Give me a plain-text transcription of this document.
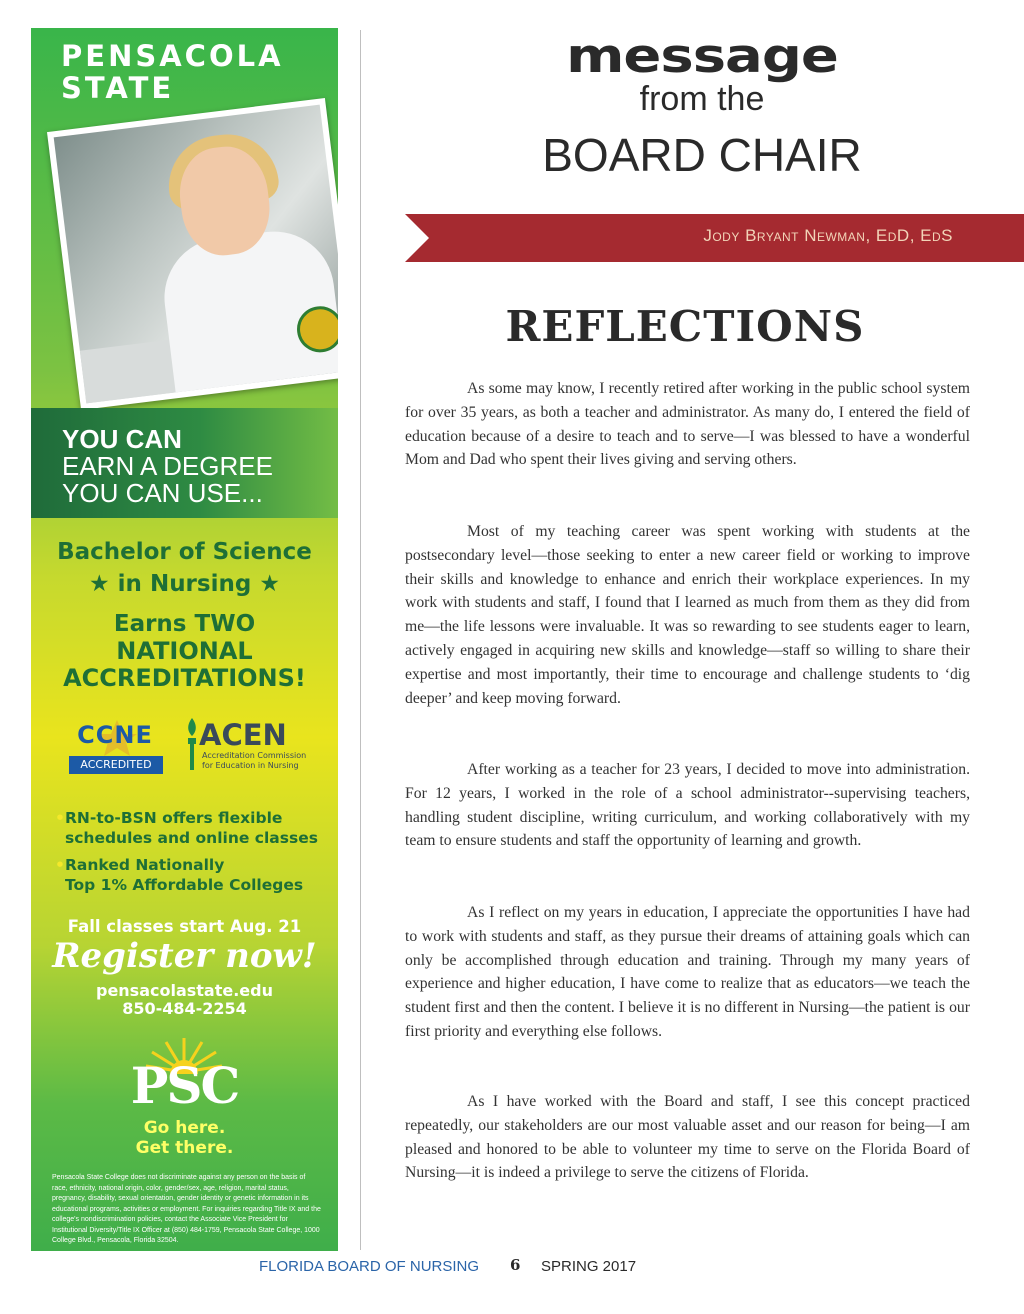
PENSACOLA
STATE
YOU CAN
EARN A DEGREE
YOU CAN USE...
Bachelor of Science
★ in Nursing ★
Earns TWO
NATIONAL
ACCREDITATIONS!
CCNE
ACCREDITED
ACEN
Accreditation Commission
for Education in Nursing
• RN-to-BSN offers flexible
schedules and online classes
• Ranked Nationally
Top 1% Affordable Colleges
Fall classes start Aug. 21
Register now!
pensacolastate.edu
850-484-2254
PSC
Go here.
Get there.
Pensacola State College does not discriminate against any person on the basis of race, ethnicity, national origin, color, gender/sex, age, religion, marital status, pregnancy, disability, sexual orientation, gender identity or genetic information in its educational programs, activities or employment. For inquiries regarding Title IX and the college's nondiscrimination policies, contact the Associate Vice President for Institutional Diversity/Title IX Officer at (850) 484-1759, Pensacola State College, 1000 College Blvd., Pensacola, Florida 32504.
message
from the
BOARD CHAIR
Jody Bryant Newman, EdD, EdS
REFLECTIONS

As some may know, I recently retired after working in the public school system for over 35 years, as both a teacher and administrator. As many do, I entered the field of education because of a desire to teach and to serve—I was blessed to have a wonderful Mom and Dad who spent their lives giving and serving others.

Most of my teaching career was spent working with students at the postsecondary level—those seeking to enter a new career field or working to improve their skills and knowledge to enhance and enrich their workplace experiences. In my work with students and staff, I found that I learned as much from them as they did from me—the life lessons were invaluable. It was so rewarding to see students eager to learn, actively engaged in acquiring new skills and knowledge—staff so willing to share their expertise and most importantly, their time to encourage and challenge students to ‘dig deeper’ and keep moving forward.

After working as a teacher for 23 years, I decided to move into administration. For 12 years, I worked in the role of a school administrator--supervising teachers, handling student discipline, writing curriculum, and working collaboratively with my team to ensure students and staff the opportunity of learning and growth.

As I reflect on my years in education, I appreciate the opportunities I have had to work with students and staff, as they pursue their dreams of attaining goals which can only be accomplished through education and training. Through my many years of experience and higher education, I have come to realize that as educators—we teach the student first and then the content. I believe it is no different in Nursing—the patient is our first priority and everything else follows.

As I have worked with the Board and staff, I see this concept practiced repeatedly, our stakeholders are our most valuable asset and our reason for being—I am pleased and honored to be able to volunteer my time to serve on the Florida Board of Nursing—it is indeed a privilege to serve the citizens of Florida.

FLORIDA BOARD OF NURSING 6 SPRING 2017
